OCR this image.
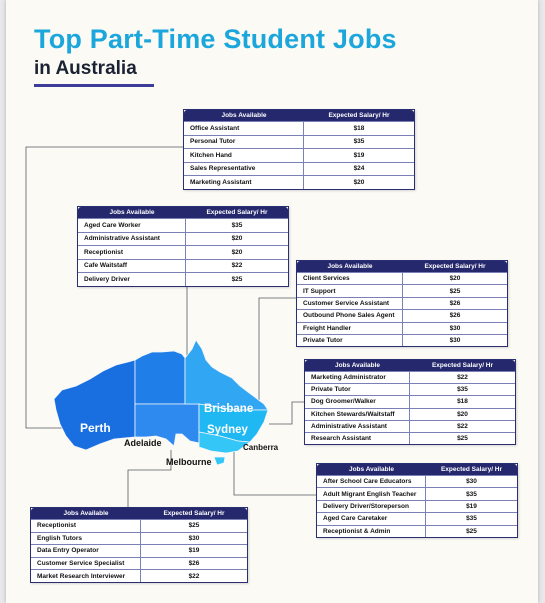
Top Part-Time Student Jobs
in Australia
Jobs Available	Expected Salary/ Hr
Office Assistant	$18
Personal Tutor	$35
Kitchen Hand	$19
Sales Representative	$24
Marketing Assistant	$20
Jobs Available	Expected Salary/ Hr
Aged Care Worker	$35
Administrative Assistant	$20
Receptionist	$20
Cafe Waitstaff	$22
Delivery Driver	$25
Jobs Available	Expected Salary/ Hr
Client Services	$20
IT Support	$25
Customer Service Assistant	$26
Outbound Phone Sales Agent	$26
Freight Handler	$30
Private Tutor	$30
Jobs Available	Expected Salary/ Hr
Marketing Administrator	$22
Private Tutor	$35
Dog Groomer/Walker	$18
Kitchen Stewards/Waitstaff	$20
Administrative Assistant	$22
Research Assistant	$25
Jobs Available	Expected Salary/ Hr
After School Care Educators	$30
Adult Migrant English Teacher	$35
Delivery Driver/Storeperson	$19
Aged Care Caretaker	$35
Receptionist & Admin	$25
Jobs Available	Expected Salary/ Hr
Receptionist	$25
English Tutors	$30
Data Entry Operator	$19
Customer Service Specialist	$26
Market Research Interviewer	$22
Perth
Adelaide
Melbourne
Sydney
Brisbane
Canberra
